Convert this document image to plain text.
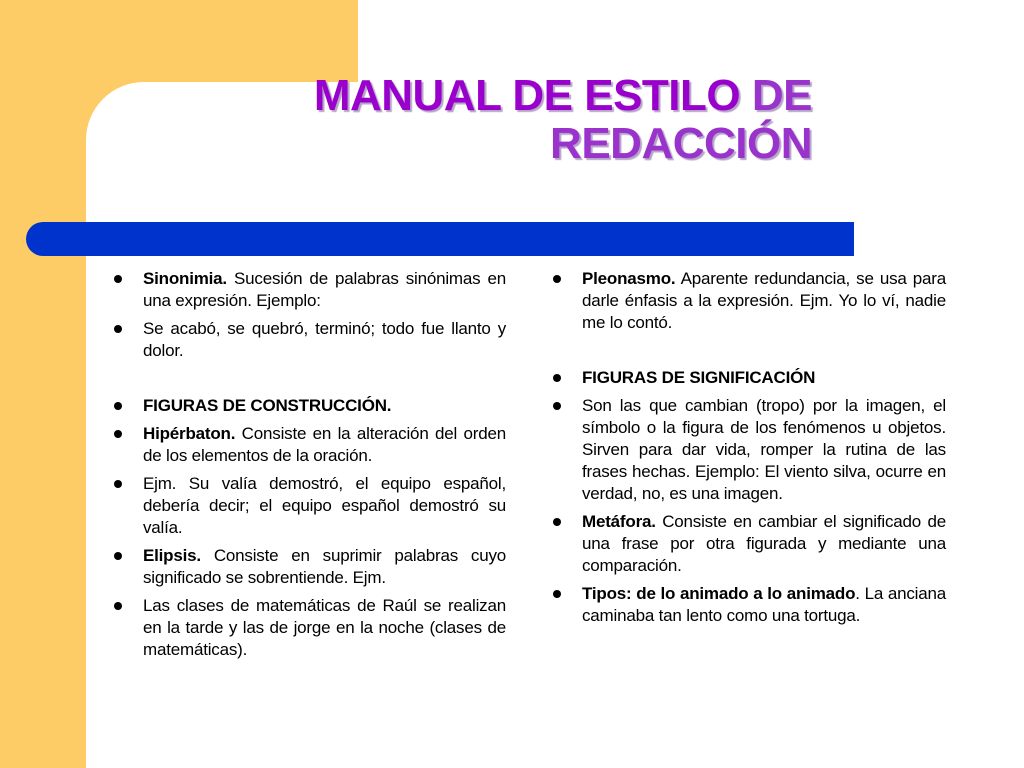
MANUAL DE ESTILO DE
REDACCIÓN
Sinonimia. Sucesión de palabras sinónimas en una expresión. Ejemplo:
Se acabó, se quebró, terminó; todo fue llanto y dolor.
FIGURAS DE CONSTRUCCIÓN.
Hipérbaton. Consiste en la alteración del orden de los elementos de la oración.
Ejm. Su valía demostró, el equipo español, debería decir; el equipo español demostró su valía.
Elipsis. Consiste en suprimir palabras cuyo significado se sobrentiende. Ejm.
Las clases de matemáticas de Raúl se realizan en la tarde y las de jorge en la noche (clases de matemáticas).
Pleonasmo. Aparente redundancia, se usa para darle énfasis a la expresión. Ejm. Yo lo ví, nadie me lo contó.
FIGURAS DE SIGNIFICACIÓN
Son las que cambian (tropo) por la imagen, el símbolo o la figura de los fenómenos u objetos. Sirven para dar vida, romper la rutina de las frases hechas. Ejemplo: El viento silva, ocurre en verdad, no, es una imagen.
Metáfora. Consiste en cambiar el significado de una frase por otra figurada y mediante una comparación.
Tipos: de lo animado a lo animado. La anciana caminaba tan lento como una tortuga.
